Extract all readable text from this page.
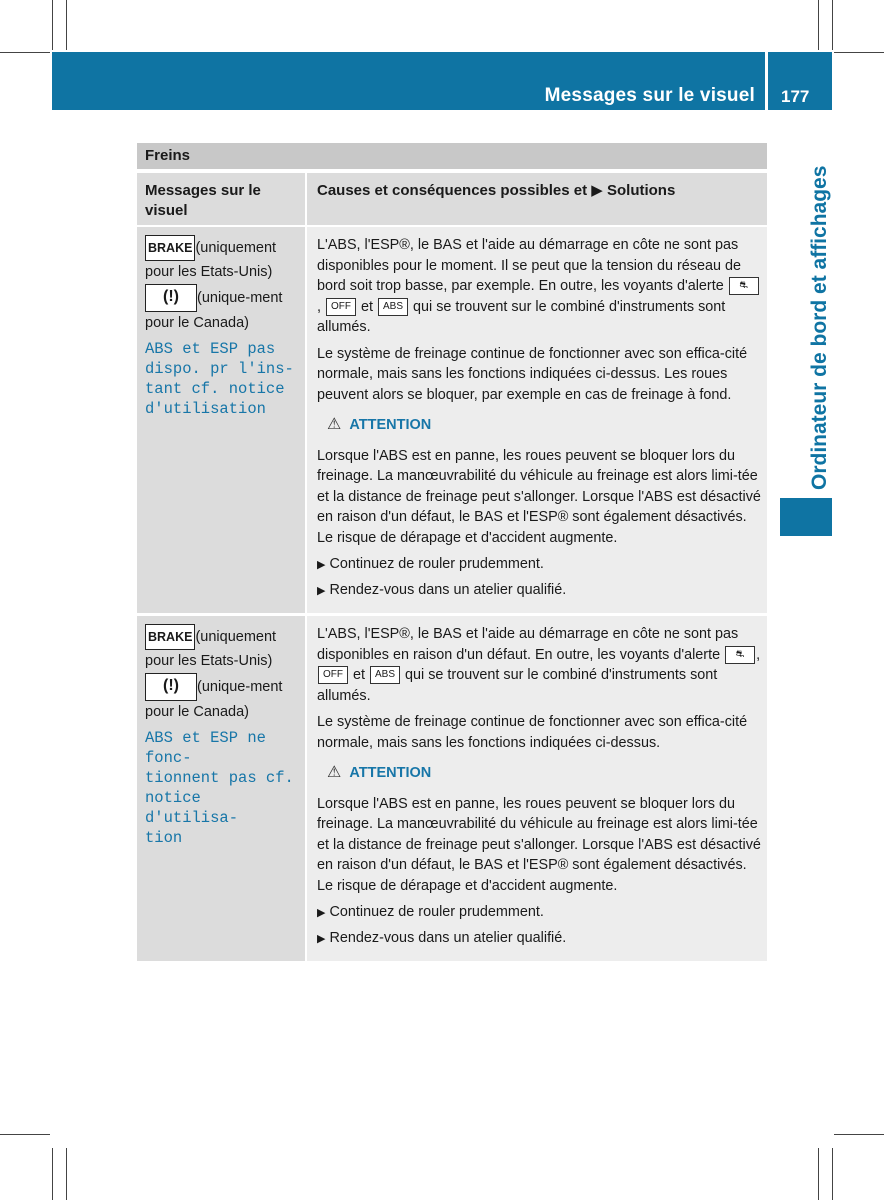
Messages sur le visuel 177
Ordinateur de bord et affichages
Freins
Messages sur le visuel
Causes et conséquences possibles et ▶ Solutions
BRAKE (uniquement pour les Etats-Unis) (!) (unique-ment pour le Canada)
ABS et ESP pas
dispo. pr l'ins-
tant cf. notice
d'utilisation

L'ABS, l'ESP®, le BAS et l'aide au démarrage en côte ne sont pas disponibles pour le moment. Il se peut que la tension du réseau de bord soit trop basse, par exemple. En outre, les voyants d'alerte ⛐, OFF et ABS qui se trouvent sur le combiné d'instruments sont allumés.

Le système de freinage continue de fonctionner avec son effica-cité normale, mais sans les fonctions indiquées ci-dessus. Les roues peuvent alors se bloquer, par exemple en cas de freinage à fond.

⚠ ATTENTION

Lorsque l'ABS est en panne, les roues peuvent se bloquer lors du freinage. La manœuvrabilité du véhicule au freinage est alors limi-tée et la distance de freinage peut s'allonger. Lorsque l'ABS est désactivé en raison d'un défaut, le BAS et l'ESP® sont également désactivés. Le risque de dérapage et d'accident augmente.

▶ Continuez de rouler prudemment.
▶ Rendez-vous dans un atelier qualifié.
BRAKE (uniquement pour les Etats-Unis) (!) (unique-ment pour le Canada)
ABS et ESP ne fonc-
tionnent pas cf.
notice d'utilisa-
tion

L'ABS, l'ESP®, le BAS et l'aide au démarrage en côte ne sont pas disponibles en raison d'un défaut. En outre, les voyants d'alerte ⛐ , OFF et ABS qui se trouvent sur le combiné d'instruments sont allumés.

Le système de freinage continue de fonctionner avec son effica-cité normale, mais sans les fonctions indiquées ci-dessus.

⚠ ATTENTION

Lorsque l'ABS est en panne, les roues peuvent se bloquer lors du freinage. La manœuvrabilité du véhicule au freinage est alors limi-tée et la distance de freinage peut s'allonger. Lorsque l'ABS est désactivé en raison d'un défaut, le BAS et l'ESP® sont également désactivés. Le risque de dérapage et d'accident augmente.

▶ Continuez de rouler prudemment.
▶ Rendez-vous dans un atelier qualifié.
